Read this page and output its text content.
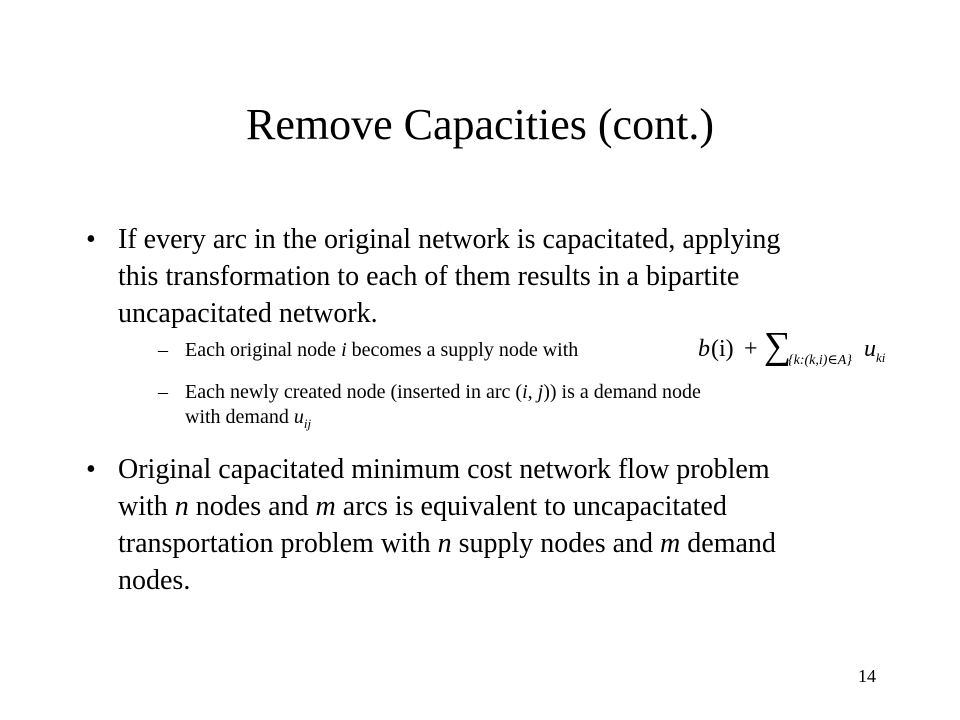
Remove Capacities (cont.)
• If every arc in the original network is capacitated, applying
this transformation to each of them results in a bipartite
uncapacitated network.
– Each original node i becomes a supply node with	b (i) + ∑
{k:(k,i)∈A} u ki
– Each newly created node (inserted in arc (i, j)) is a demand node
with demand $u_{ij}$
• Original capacitated minimum cost network flow problem
with n nodes and m arcs is equivalent to uncapacitated
transportation problem with n supply nodes and m demand
nodes.
14
